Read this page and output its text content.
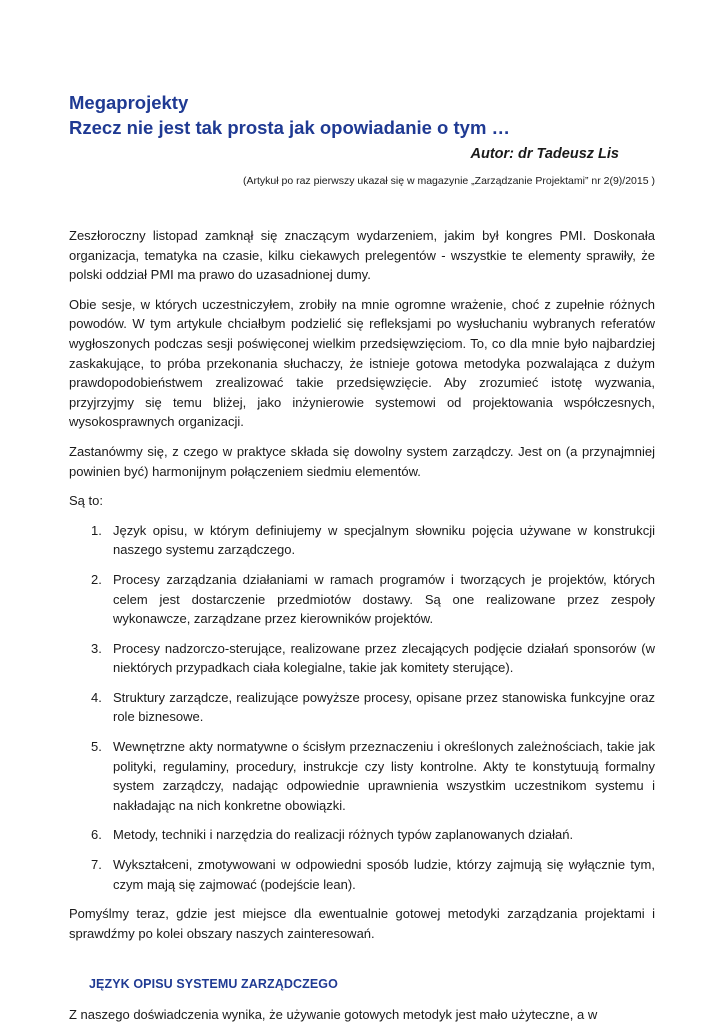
Megaprojekty
Rzecz nie jest tak prosta jak opowiadanie o tym …
Autor: dr Tadeusz Lis
(Artykuł po raz pierwszy ukazał się w magazynie „Zarządzanie Projektami” nr 2(9)/2015 )

Zeszłoroczny listopad zamknął się znaczącym wydarzeniem, jakim był kongres PMI. Doskonała organizacja, tematyka na czasie, kilku ciekawych prelegentów - wszystkie te elementy sprawiły, że polski oddział PMI ma prawo do uzasadnionej dumy.

Obie sesje, w których uczestniczyłem, zrobiły na mnie ogromne wrażenie, choć z zupełnie różnych powodów. W tym artykule chciałbym podzielić się refleksjami po wysłuchaniu wybranych referatów wygłoszonych podczas sesji poświęconej wielkim przedsięwzięciom. To, co dla mnie było najbardziej zaskakujące, to próba przekonania słuchaczy, że istnieje gotowa metodyka pozwalająca z dużym prawdopodobieństwem zrealizować takie przedsięwzięcie. Aby zrozumieć istotę wyzwania, przyjrzyjmy się temu bliżej, jako inżynierowie systemowi od projektowania współczesnych, wysokosprawnych organizacji.

Zastanówmy się, z czego w praktyce składa się dowolny system zarządczy. Jest on (a przynajmniej powinien być) harmonijnym połączeniem siedmiu elementów.

Są to:

1. Język opisu, w którym definiujemy w specjalnym słowniku pojęcia używane w konstrukcji naszego systemu zarządczego.
2. Procesy zarządzania działaniami w ramach programów i tworzących je projektów, których celem jest dostarczenie przedmiotów dostawy. Są one realizowane przez zespoły wykonawcze, zarządzane przez kierowników projektów.
3. Procesy nadzorczo-sterujące, realizowane przez zlecających podjęcie działań sponsorów (w niektórych przypadkach ciała kolegialne, takie jak komitety sterujące).
4. Struktury zarządcze, realizujące powyższe procesy, opisane przez stanowiska funkcyjne oraz role biznesowe.
5. Wewnętrzne akty normatywne o ścisłym przeznaczeniu i określonych zależnościach, takie jak polityki, regulaminy, procedury, instrukcje czy listy kontrolne. Akty te konstytuują formalny system zarządczy, nadając odpowiednie uprawnienia wszystkim uczestnikom systemu i nakładając na nich konkretne obowiązki.
6. Metody, techniki i narzędzia do realizacji różnych typów zaplanowanych działań.
7. Wykształceni, zmotywowani w odpowiedni sposób ludzie, którzy zajmują się wyłącznie tym, czym mają się zajmować (podejście lean).

Pomyślmy teraz, gdzie jest miejsce dla ewentualnie gotowej metodyki zarządzania projektami i sprawdźmy po kolei obszary naszych zainteresowań.

JĘZYK OPISU SYSTEMU ZARZĄDCZEGO

Z naszego doświadczenia wynika, że używanie gotowych metodyk jest mało użyteczne, a w
